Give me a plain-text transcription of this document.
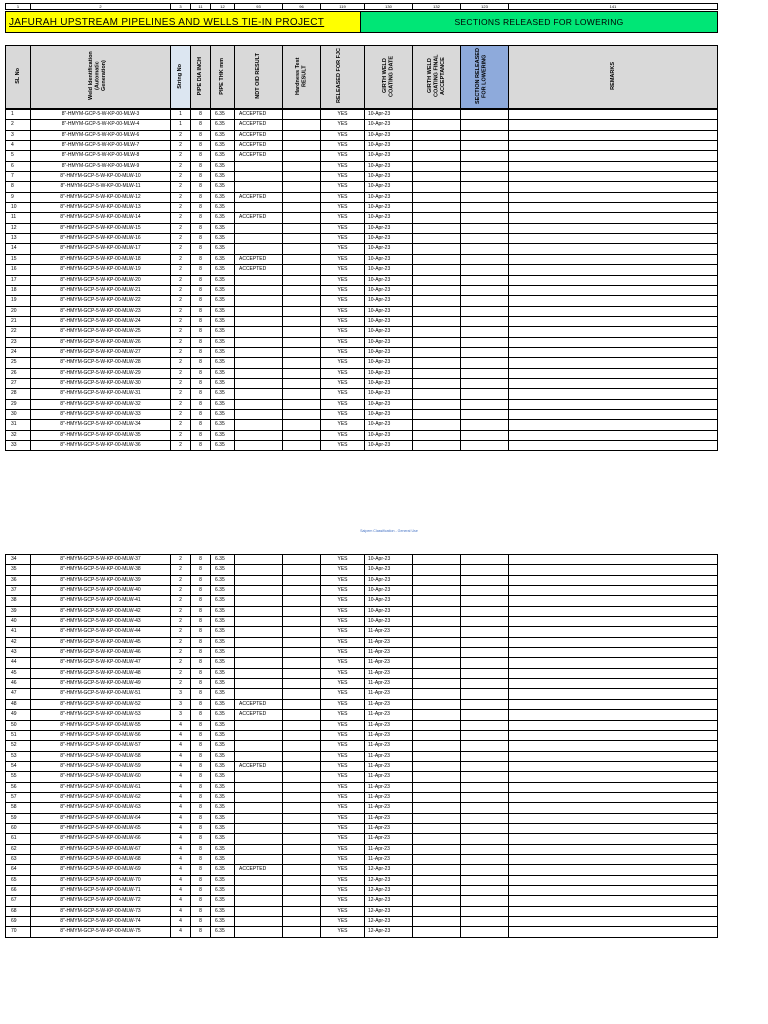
1	2	3	11	12	93	96	119	130	132	123	141
JAFURAH UPSTREAM PIPELINES AND WELLS TIE-IN PROJECT	SECTIONS RELEASED FOR LOWERING
SL No	Weld Identification (Automatic Generation)	String No	PIPE DIA INCH	PIPE THK mm	NDT OID RESULT	Hardness Test RESULT	RELEASED FOR FJC	GIRTH WELD COATING DATE	GIRTH WELD COATING FINAL ACCEPTANCE	SECTION RELEASED FOR LOWERING	REMARKS
1	8"-HMYM-GCP-5-W-KP-00-MLW-3	1	8	6.35	ACCEPTED		YES	10-Apr-23			
2	8"-HMYM-GCP-5-W-KP-00-MLW-4	1	8	6.35	ACCEPTED		YES	10-Apr-23			
3	8"-HMYM-GCP-5-W-KP-00-MLW-6	2	8	6.35	ACCEPTED		YES	10-Apr-23			
4	8"-HMYM-GCP-5-W-KP-00-MLW-7	2	8	6.35	ACCEPTED		YES	10-Apr-23			
5	8"-HMYM-GCP-5-W-KP-00-MLW-8	2	8	6.35	ACCEPTED		YES	10-Apr-23			
6	8"-HMYM-GCP-5-W-KP-00-MLW-9	2	8	6.35			YES	10-Apr-23			
7	8"-HMYM-GCP-5-W-KP-00-MLW-10	2	8	6.35			YES	10-Apr-23			
8	8"-HMYM-GCP-5-W-KP-00-MLW-11	2	8	6.35			YES	10-Apr-23			
9	8"-HMYM-GCP-5-W-KP-00-MLW-12	2	8	6.35	ACCEPTED		YES	10-Apr-23			
10	8"-HMYM-GCP-5-W-KP-00-MLW-13	2	8	6.35			YES	10-Apr-23			
11	8"-HMYM-GCP-5-W-KP-00-MLW-14	2	8	6.35	ACCEPTED		YES	10-Apr-23			
12	8"-HMYM-GCP-5-W-KP-00-MLW-15	2	8	6.35			YES	10-Apr-23			
13	8"-HMYM-GCP-5-W-KP-00-MLW-16	2	8	6.35			YES	10-Apr-23			
14	8"-HMYM-GCP-5-W-KP-00-MLW-17	2	8	6.35			YES	10-Apr-23			
15	8"-HMYM-GCP-5-W-KP-00-MLW-18	2	8	6.35	ACCEPTED		YES	10-Apr-23			
16	8"-HMYM-GCP-5-W-KP-00-MLW-19	2	8	6.35	ACCEPTED		YES	10-Apr-23			
17	8"-HMYM-GCP-5-W-KP-00-MLW-20	2	8	6.35			YES	10-Apr-23			
18	8"-HMYM-GCP-5-W-KP-00-MLW-21	2	8	6.35			YES	10-Apr-23			
19	8"-HMYM-GCP-5-W-KP-00-MLW-22	2	8	6.35			YES	10-Apr-23			
20	8"-HMYM-GCP-5-W-KP-00-MLW-23	2	8	6.35			YES	10-Apr-23			
21	8"-HMYM-GCP-5-W-KP-00-MLW-24	2	8	6.35			YES	10-Apr-23			
22	8"-HMYM-GCP-5-W-KP-00-MLW-25	2	8	6.35			YES	10-Apr-23			
23	8"-HMYM-GCP-5-W-KP-00-MLW-26	2	8	6.35			YES	10-Apr-23			
24	8"-HMYM-GCP-5-W-KP-00-MLW-27	2	8	6.35			YES	10-Apr-23			
25	8"-HMYM-GCP-5-W-KP-00-MLW-28	2	8	6.35			YES	10-Apr-23			
26	8"-HMYM-GCP-5-W-KP-00-MLW-29	2	8	6.35			YES	10-Apr-23			
27	8"-HMYM-GCP-5-W-KP-00-MLW-30	2	8	6.35			YES	10-Apr-23			
28	8"-HMYM-GCP-5-W-KP-00-MLW-31	2	8	6.35			YES	10-Apr-23			
29	8"-HMYM-GCP-5-W-KP-00-MLW-32	2	8	6.35			YES	10-Apr-23			
30	8"-HMYM-GCP-5-W-KP-00-MLW-33	2	8	6.35			YES	10-Apr-23			
31	8"-HMYM-GCP-5-W-KP-00-MLW-34	2	8	6.35			YES	10-Apr-23			
32	8"-HMYM-GCP-5-W-KP-00-MLW-35	2	8	6.35			YES	10-Apr-23			
33	8"-HMYM-GCP-5-W-KP-00-MLW-36	2	8	6.35			YES	10-Apr-23			
Saipem Classification - General Use
34	8"-HMYM-GCP-5-W-KP-00-MLW-37	2	8	6.35			YES	10-Apr-23			
35	8"-HMYM-GCP-5-W-KP-00-MLW-38	2	8	6.35			YES	10-Apr-23			
36	8"-HMYM-GCP-5-W-KP-00-MLW-39	2	8	6.35			YES	10-Apr-23			
37	8"-HMYM-GCP-5-W-KP-00-MLW-40	2	8	6.35			YES	10-Apr-23			
38	8"-HMYM-GCP-5-W-KP-00-MLW-41	2	8	6.35			YES	10-Apr-23			
39	8"-HMYM-GCP-5-W-KP-00-MLW-42	2	8	6.35			YES	10-Apr-23			
40	8"-HMYM-GCP-5-W-KP-00-MLW-43	2	8	6.35			YES	10-Apr-23			
41	8"-HMYM-GCP-5-W-KP-00-MLW-44	2	8	6.35			YES	11-Apr-23			
42	8"-HMYM-GCP-5-W-KP-00-MLW-45	2	8	6.35			YES	11-Apr-23			
43	8"-HMYM-GCP-5-W-KP-00-MLW-46	2	8	6.35			YES	11-Apr-23			
44	8"-HMYM-GCP-5-W-KP-00-MLW-47	2	8	6.35			YES	11-Apr-23			
45	8"-HMYM-GCP-5-W-KP-00-MLW-48	2	8	6.35			YES	11-Apr-23			
46	8"-HMYM-GCP-5-W-KP-00-MLW-49	2	8	6.35			YES	11-Apr-23			
47	8"-HMYM-GCP-5-W-KP-00-MLW-51	3	8	6.35			YES	11-Apr-23			
48	8"-HMYM-GCP-5-W-KP-00-MLW-52	3	8	6.35	ACCEPTED		YES	11-Apr-23			
49	8"-HMYM-GCP-5-W-KP-00-MLW-53	3	8	6.35	ACCEPTED		YES	11-Apr-23			
50	8"-HMYM-GCP-5-W-KP-00-MLW-55	4	8	6.35			YES	11-Apr-23			
51	8"-HMYM-GCP-5-W-KP-00-MLW-56	4	8	6.35			YES	11-Apr-23			
52	8"-HMYM-GCP-5-W-KP-00-MLW-57	4	8	6.35			YES	11-Apr-23			
53	8"-HMYM-GCP-5-W-KP-00-MLW-58	4	8	6.35			YES	11-Apr-23			
54	8"-HMYM-GCP-5-W-KP-00-MLW-59	4	8	6.35	ACCEPTED		YES	11-Apr-23			
55	8"-HMYM-GCP-5-W-KP-00-MLW-60	4	8	6.35			YES	11-Apr-23			
56	8"-HMYM-GCP-5-W-KP-00-MLW-61	4	8	6.35			YES	11-Apr-23			
57	8"-HMYM-GCP-5-W-KP-00-MLW-62	4	8	6.35			YES	11-Apr-23			
58	8"-HMYM-GCP-5-W-KP-00-MLW-63	4	8	6.35			YES	11-Apr-23			
59	8"-HMYM-GCP-5-W-KP-00-MLW-64	4	8	6.35			YES	11-Apr-23			
60	8"-HMYM-GCP-5-W-KP-00-MLW-65	4	8	6.35			YES	11-Apr-23			
61	8"-HMYM-GCP-5-W-KP-00-MLW-66	4	8	6.35			YES	11-Apr-23			
62	8"-HMYM-GCP-5-W-KP-00-MLW-67	4	8	6.35			YES	11-Apr-23			
63	8"-HMYM-GCP-5-W-KP-00-MLW-68	4	8	6.35			YES	11-Apr-23			
64	8"-HMYM-GCP-5-W-KP-00-MLW-69	4	8	6.35	ACCEPTED		YES	12-Apr-23			
65	8"-HMYM-GCP-5-W-KP-00-MLW-70	4	8	6.35			YES	12-Apr-23			
66	8"-HMYM-GCP-5-W-KP-00-MLW-71	4	8	6.35			YES	12-Apr-23			
67	8"-HMYM-GCP-5-W-KP-00-MLW-72	4	8	6.35			YES	12-Apr-23			
68	8"-HMYM-GCP-5-W-KP-00-MLW-73	4	8	6.35			YES	12-Apr-23			
69	8"-HMYM-GCP-5-W-KP-00-MLW-74	4	8	6.35			YES	12-Apr-23			
70	8"-HMYM-GCP-5-W-KP-00-MLW-75	4	8	6.35			YES	12-Apr-23			
